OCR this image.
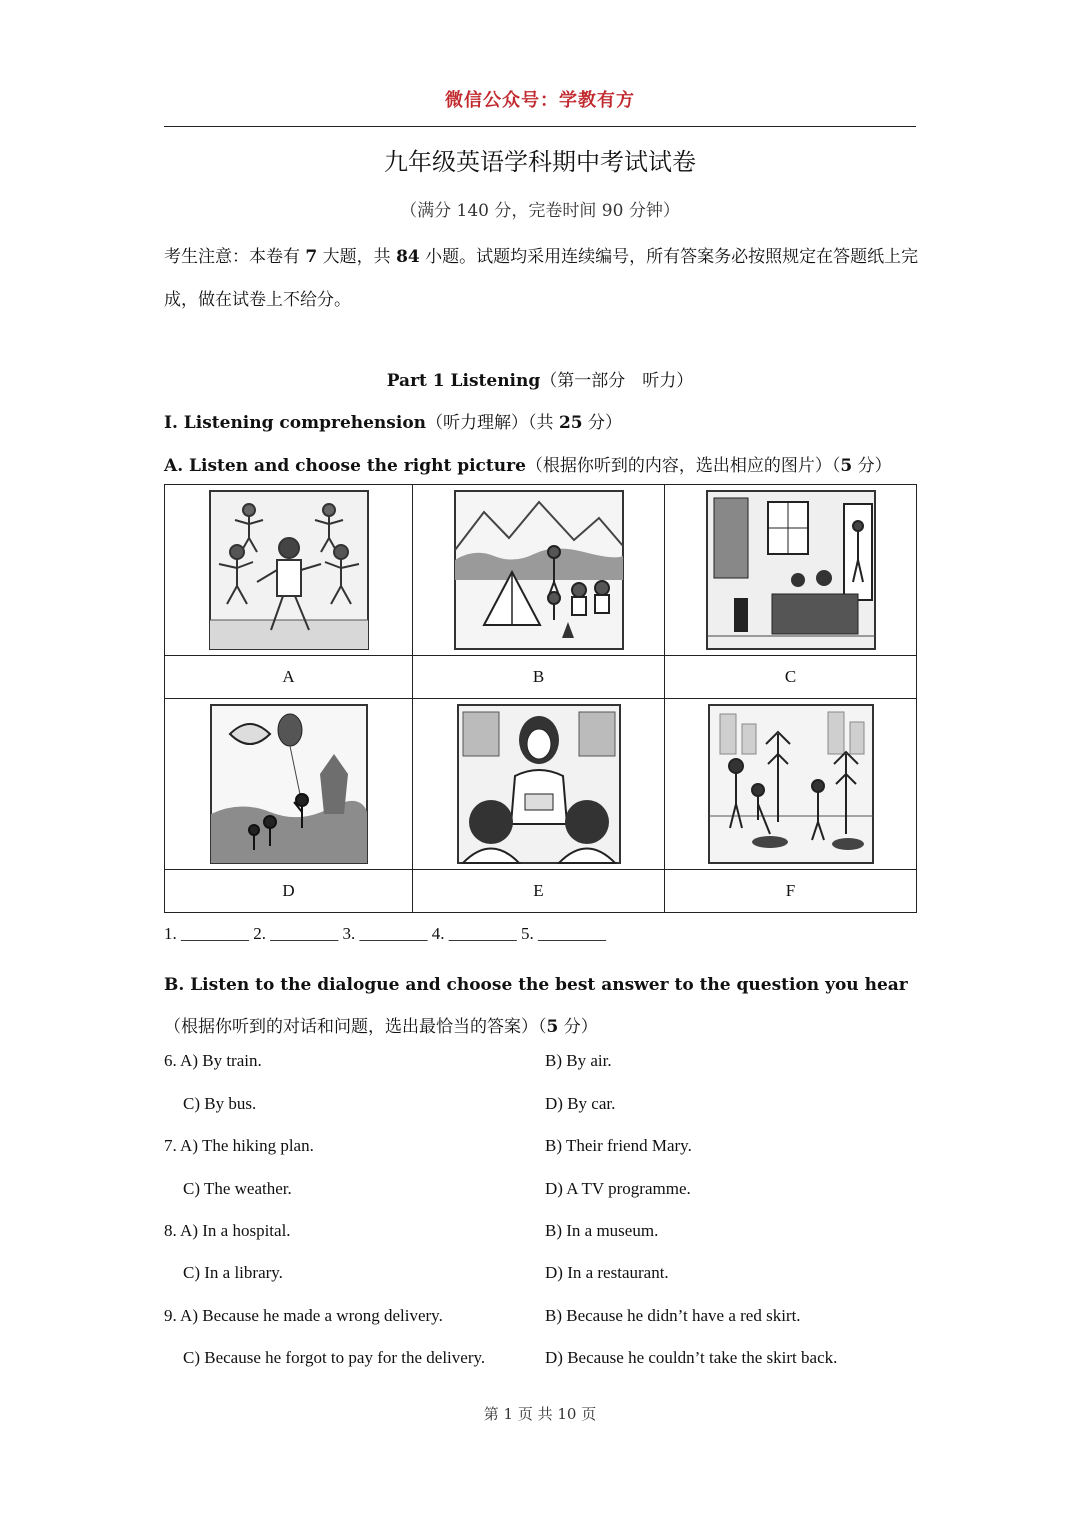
微信公众号：学教有方
九年级英语学科期中考试试卷
（满分 140 分，完卷时间 90 分钟）
考生注意：本卷有 7 大题，共 84 小题。试题均采用连续编号，所有答案务必按照规定在答题纸上完成，做在试卷上不给分。
Part 1 Listening（第一部分　听力）
I. Listening comprehension（听力理解）（共 25 分）
A. Listen and choose the right picture（根据你听到的内容，选出相应的图片）（5 分）

A	B	C

D	E	F
1. ________ 2. ________ 3. ________ 4. ________ 5. ________
B. Listen to the dialogue and choose the best answer to the question you hear（根据你听到的对话和问题，选出最恰当的答案）（5 分）
6. A) By train.	B) By air.
C) By bus.	D) By car.
7. A) The hiking plan.	B) Their friend Mary.
C) The weather.	D) A TV programme.
8. A) In a hospital.	B) In a museum.
C) In a library.	D) In a restaurant.
9. A) Because he made a wrong delivery.	B) Because he didn’t have a red skirt.
C) Because he forgot to pay for the delivery.	D) Because he couldn’t take the skirt back.
第 1 页 共 10 页
